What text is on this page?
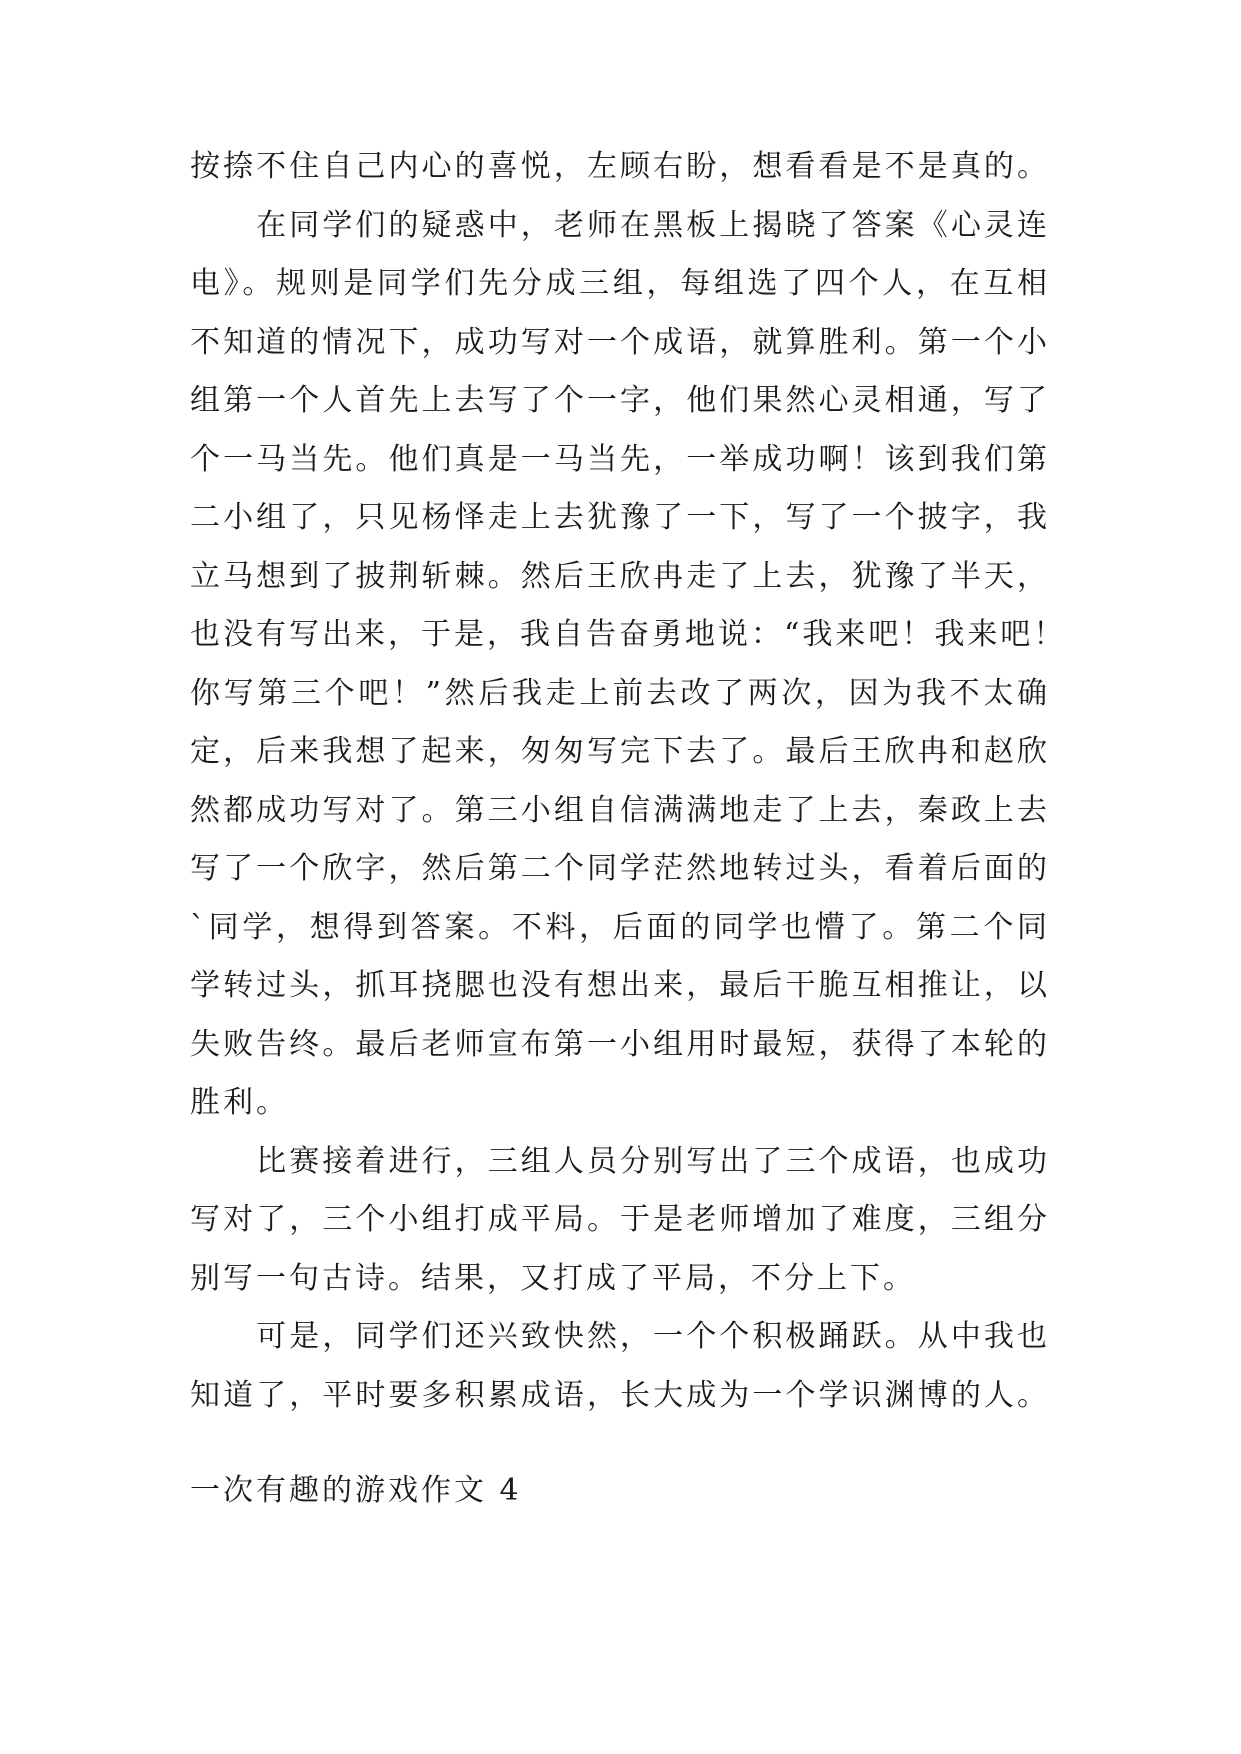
按捺不住自己内心的喜悦，左顾右盼，想看看是不是真的。
　　在同学们的疑惑中，老师在黑板上揭晓了答案《心灵连
电》。规则是同学们先分成三组，每组选了四个人，在互相
不知道的情况下，成功写对一个成语，就算胜利。第一个小
组第一个人首先上去写了个一字，他们果然心灵相通，写了
个一马当先。他们真是一马当先，一举成功啊！该到我们第
二小组了，只见杨怿走上去犹豫了一下，写了一个披字，我
立马想到了披荆斩棘。然后王欣冉走了上去，犹豫了半天，
也没有写出来，于是，我自告奋勇地说：“我来吧！我来吧！
你写第三个吧！”然后我走上前去改了两次，因为我不太确
定，后来我想了起来，匆匆写完下去了。最后王欣冉和赵欣
然都成功写对了。第三小组自信满满地走了上去，秦政上去
写了一个欣字，然后第二个同学茫然地转过头，看着后面的
`同学，想得到答案。不料，后面的同学也懵了。第二个同
学转过头，抓耳挠腮也没有想出来，最后干脆互相推让，以
失败告终。最后老师宣布第一小组用时最短，获得了本轮的
胜利。
　　比赛接着进行，三组人员分别写出了三个成语，也成功
写对了，三个小组打成平局。于是老师增加了难度，三组分
别写一句古诗。结果，又打成了平局，不分上下。
　　可是，同学们还兴致快然，一个个积极踊跃。从中我也
知道了，平时要多积累成语，长大成为一个学识渊博的人。
一次有趣的游戏作文 4
